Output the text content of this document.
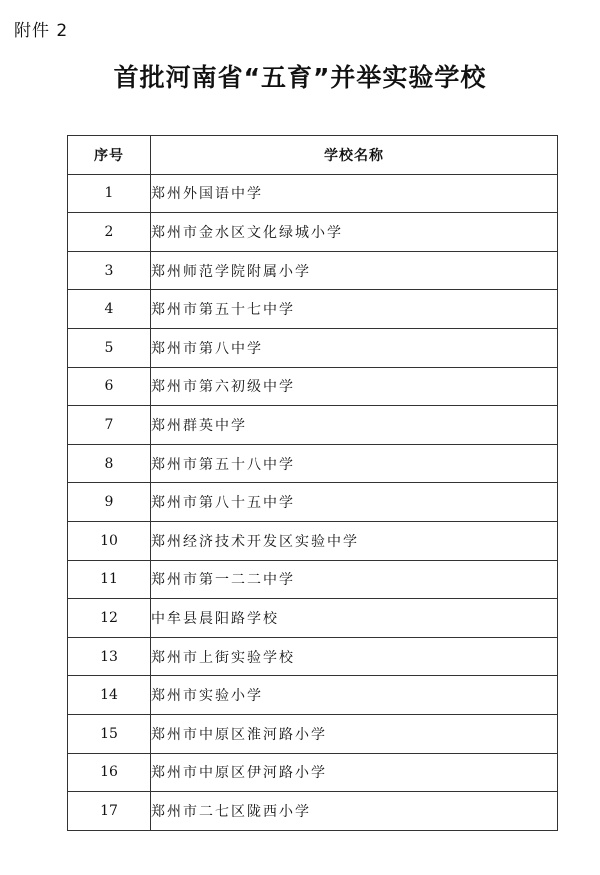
附件 2
首批河南省“五育”并举实验学校
序号	学校名称
1	郑州外国语中学
2	郑州市金水区文化绿城小学
3	郑州师范学院附属小学
4	郑州市第五十七中学
5	郑州市第八中学
6	郑州市第六初级中学
7	郑州群英中学
8	郑州市第五十八中学
9	郑州市第八十五中学
10	郑州经济技术开发区实验中学
11	郑州市第一二二中学
12	中牟县晨阳路学校
13	郑州市上街实验学校
14	郑州市实验小学
15	郑州市中原区淮河路小学
16	郑州市中原区伊河路小学
17	郑州市二七区陇西小学
